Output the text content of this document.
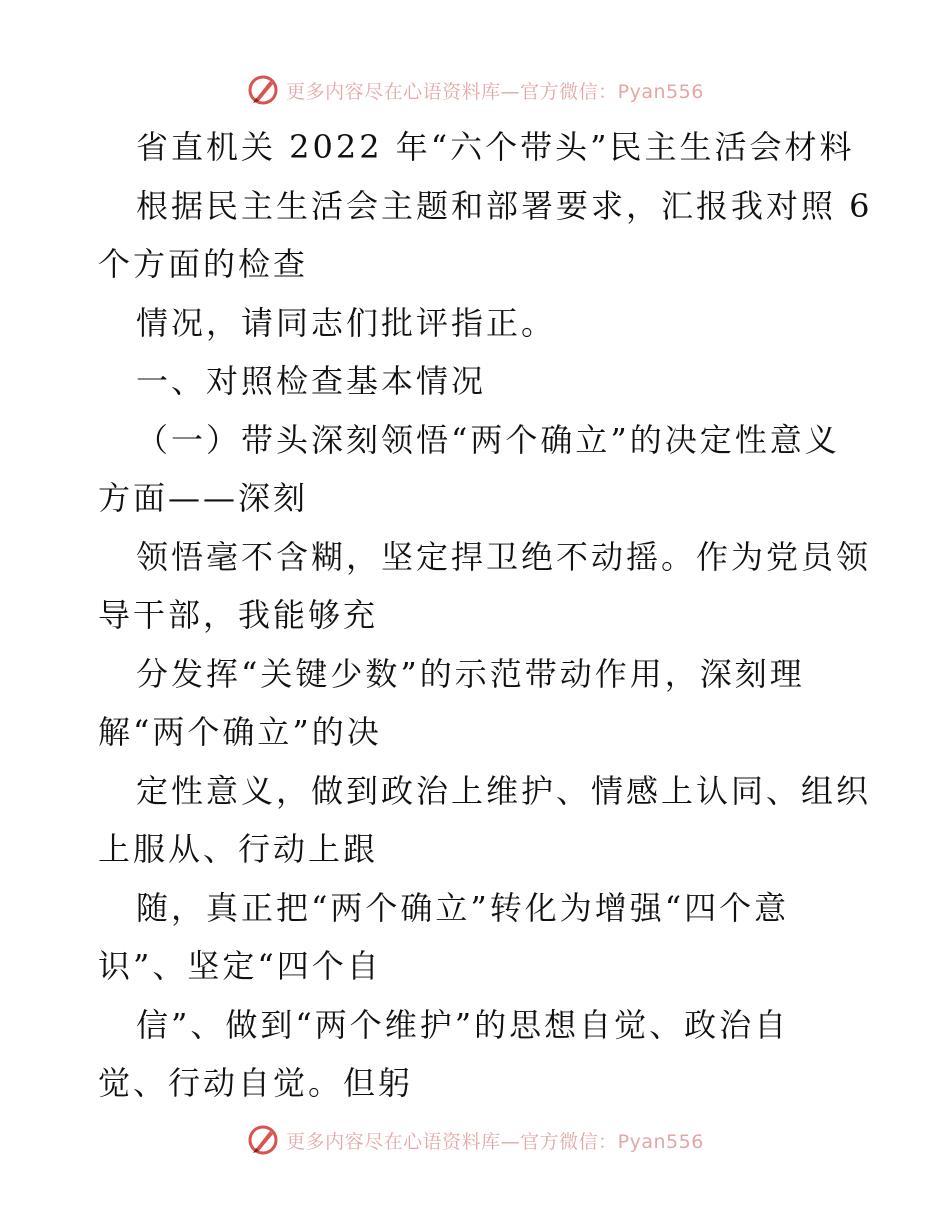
更多内容尽在心语资料库—官方微信：Pyan556
省直机关 2022 年“六个带头”民主生活会材料
根据民主生活会主题和部署要求，汇报我对照 6
个方面的检查
情况，请同志们批评指正。
一、对照检查基本情况
（一）带头深刻领悟“两个确立”的决定性意义
方面——深刻
领悟毫不含糊，坚定捍卫绝不动摇。作为党员领
导干部，我能够充
分发挥“关键少数”的示范带动作用，深刻理
解“两个确立”的决
定性意义，做到政治上维护、情感上认同、组织
上服从、行动上跟
随，真正把“两个确立”转化为增强“四个意
识”、坚定“四个自
信”、做到“两个维护”的思想自觉、政治自
觉、行动自觉。但躬
更多内容尽在心语资料库—官方微信：Pyan556
